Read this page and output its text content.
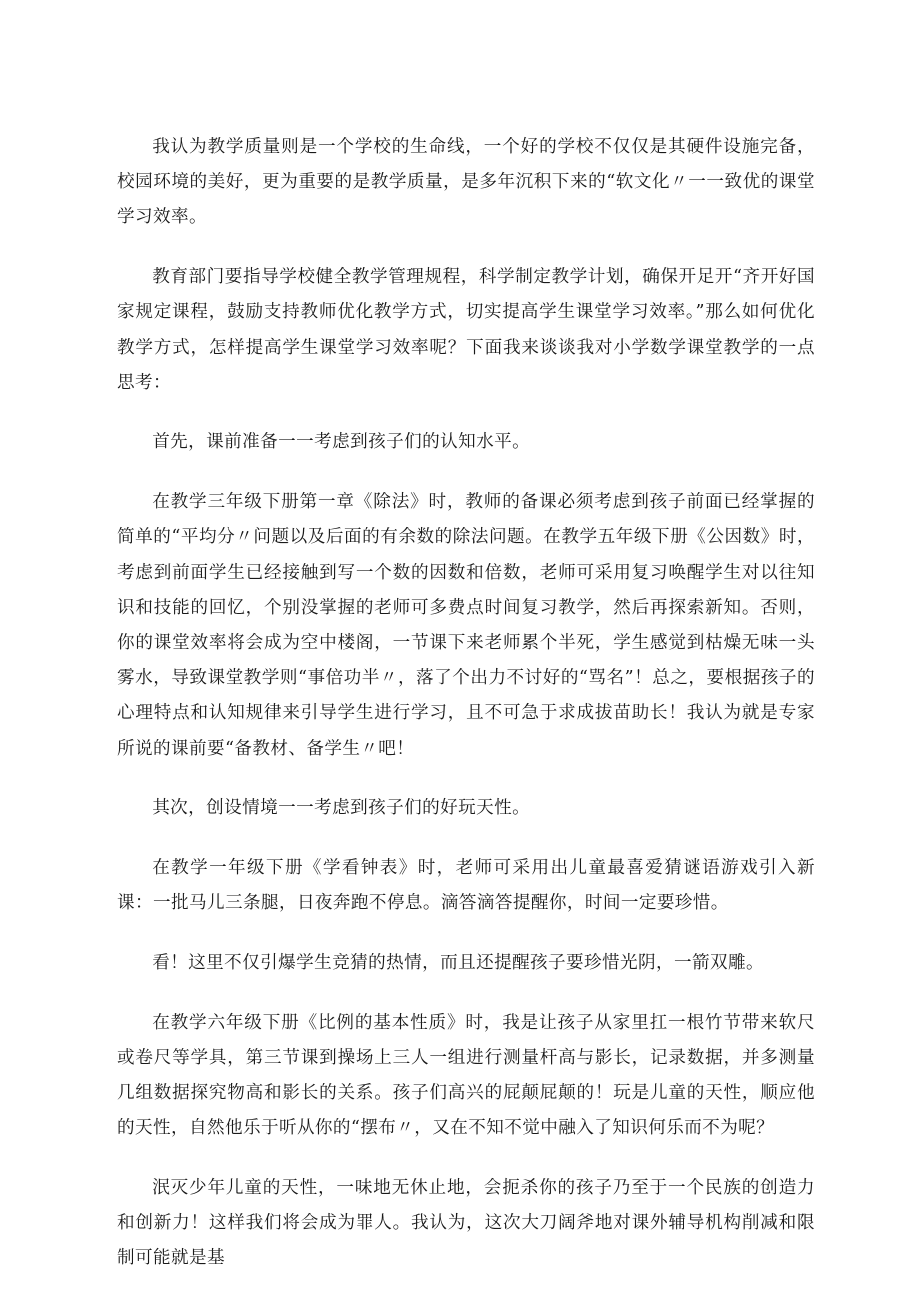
我认为教学质量则是一个学校的生命线，一个好的学校不仅仅是其硬件设施完备，校园环境的美好，更为重要的是教学质量，是多年沉积下来的“软文化〃一一致优的课堂学习效率。

教育部门要指导学校健全教学管理规程，科学制定教学计划，确保开足开“齐开好国家规定课程，鼓励支持教师优化教学方式，切实提高学生课堂学习效率。”那么如何优化教学方式，怎样提高学生课堂学习效率呢？下面我来谈谈我对小学数学课堂教学的一点思考：

首先，课前准备一一考虑到孩子们的认知水平。

在教学三年级下册第一章《除法》时，教师的备课必须考虑到孩子前面已经掌握的简单的“平均分〃问题以及后面的有余数的除法问题。在教学五年级下册《公因数》时，考虑到前面学生已经接触到写一个数的因数和倍数，老师可采用复习唤醒学生对以往知识和技能的回忆，个别没掌握的老师可多费点时间复习教学，然后再探索新知。否则，你的课堂效率将会成为空中楼阁，一节课下来老师累个半死，学生感觉到枯燥无味一头雾水，导致课堂教学则“事倍功半〃，落了个出力不讨好的“骂名”！总之，要根据孩子的心理特点和认知规律来引导学生进行学习，且不可急于求成拔苗助长！我认为就是专家所说的课前要“备教材、备学生〃吧！

其次，创设情境一一考虑到孩子们的好玩天性。

在教学一年级下册《学看钟表》时，老师可采用出儿童最喜爱猜谜语游戏引入新课：一批马儿三条腿，日夜奔跑不停息。滴答滴答提醒你，时间一定要珍惜。

看！这里不仅引爆学生竞猜的热情，而且还提醒孩子要珍惜光阴，一箭双雕。

在教学六年级下册《比例的基本性质》时，我是让孩子从家里扛一根竹节带来软尺或卷尺等学具，第三节课到操场上三人一组进行测量杆高与影长，记录数据，并多测量几组数据探究物高和影长的关系。孩子们高兴的屁颠屁颠的！玩是儿童的天性，顺应他的天性，自然他乐于听从你的“摆布〃，又在不知不觉中融入了知识何乐而不为呢？

泯灭少年儿童的天性，一味地无休止地，会扼杀你的孩子乃至于一个民族的创造力和创新力！这样我们将会成为罪人。我认为，这次大刀阔斧地对课外辅导机构削减和限制可能就是基
